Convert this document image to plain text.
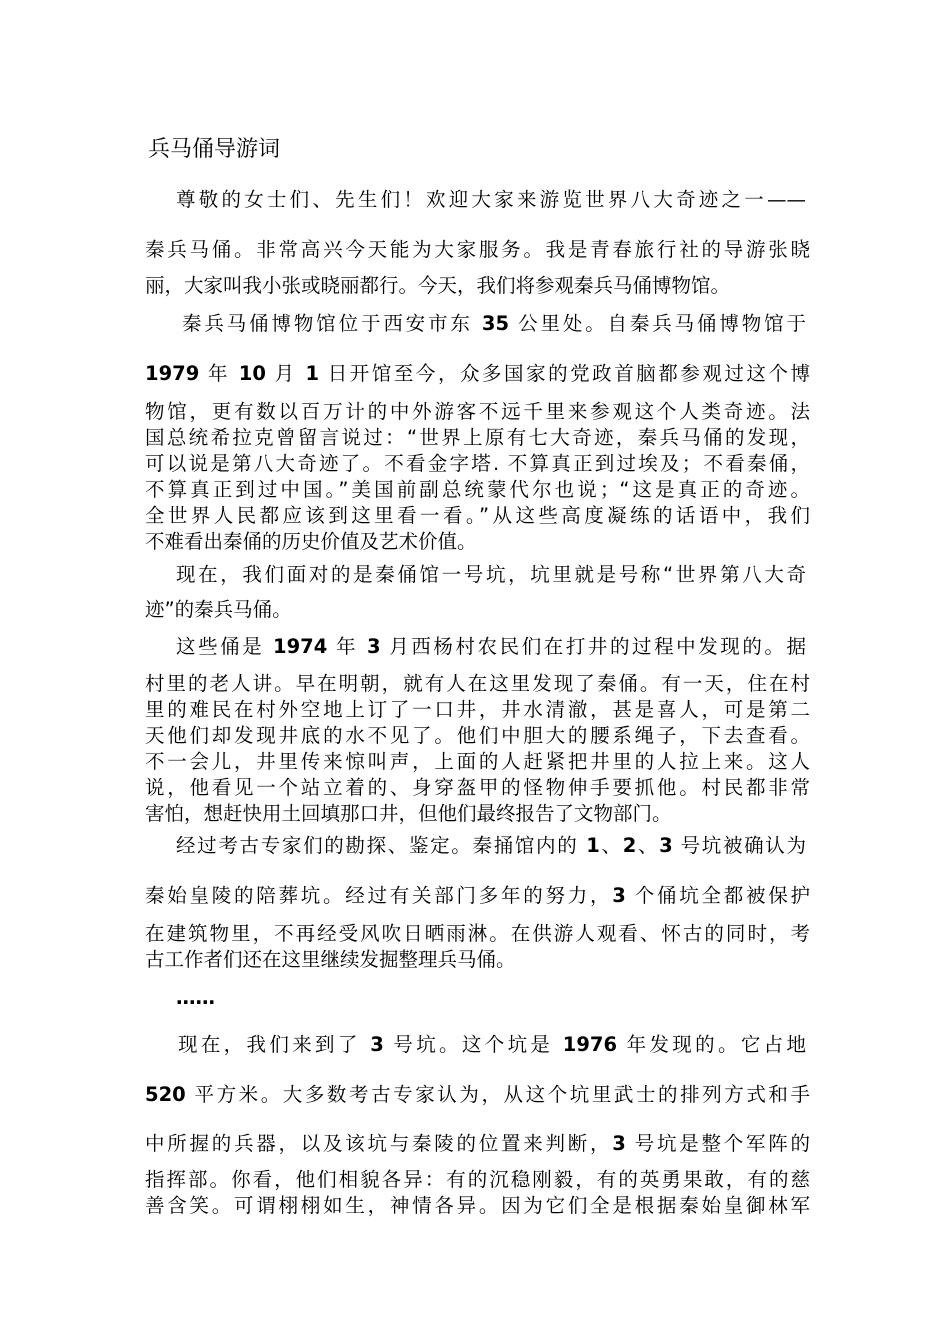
兵马俑导游词
尊敬的女士们、先生们！欢迎大家来游览世界八大奇迹之一——
秦兵马俑。非常高兴今天能为大家服务。我是青春旅行社的导游张晓
丽，大家叫我小张或晓丽都行。今天，我们将参观秦兵马俑博物馆。
秦兵马俑博物馆位于西安市东 35 公里处。自秦兵马俑博物馆于
1979 年 10 月 1 日开馆至今，众多国家的党政首脑都参观过这个博
物馆，更有数以百万计的中外游客不远千里来参观这个人类奇迹。法
国总统希拉克曾留言说过：“世界上原有七大奇迹，秦兵马俑的发现，
可以说是第八大奇迹了。不看金字塔. 不算真正到过埃及；不看秦俑，
不算真正到过中国。”美国前副总统蒙代尔也说；“这是真正的奇迹。
全世界人民都应该到这里看一看。”从这些高度凝练的话语中，我们
不难看出秦俑的历史价值及艺术价值。
现在，我们面对的是秦俑馆一号坑，坑里就是号称“世界第八大奇
迹”的秦兵马俑。
这些俑是 1974 年 3 月西杨村农民们在打井的过程中发现的。据
村里的老人讲。早在明朝，就有人在这里发现了秦俑。有一天，住在村
里的难民在村外空地上订了一口井，井水清澈，甚是喜人，可是第二
天他们却发现井底的水不见了。他们中胆大的腰系绳子，下去查看。
不一会儿，井里传来惊叫声，上面的人赶紧把井里的人拉上来。这人
说，他看见一个站立着的、身穿盔甲的怪物伸手要抓他。村民都非常
害怕，想赶快用土回填那口井，但他们最终报告了文物部门。
经过考古专家们的勘探、鉴定。秦捅馆内的 1、2、3 号坑被确认为
秦始皇陵的陪葬坑。经过有关部门多年的努力，3 个俑坑全都被保护
在建筑物里，不再经受风吹日晒雨淋。在供游人观看、怀古的同时，考
古工作者们还在这里继续发掘整理兵马俑。
……
现在，我们来到了 3 号坑。这个坑是 1976 年发现的。它占地
520 平方米。大多数考古专家认为，从这个坑里武士的排列方式和手
中所握的兵器，以及该坑与秦陵的位置来判断，3 号坑是整个军阵的
指挥部。你看，他们相貌各异：有的沉稳刚毅，有的英勇果敢，有的慈
善含笑。可谓栩栩如生，神情各异。因为它们全是根据秦始皇御林军
